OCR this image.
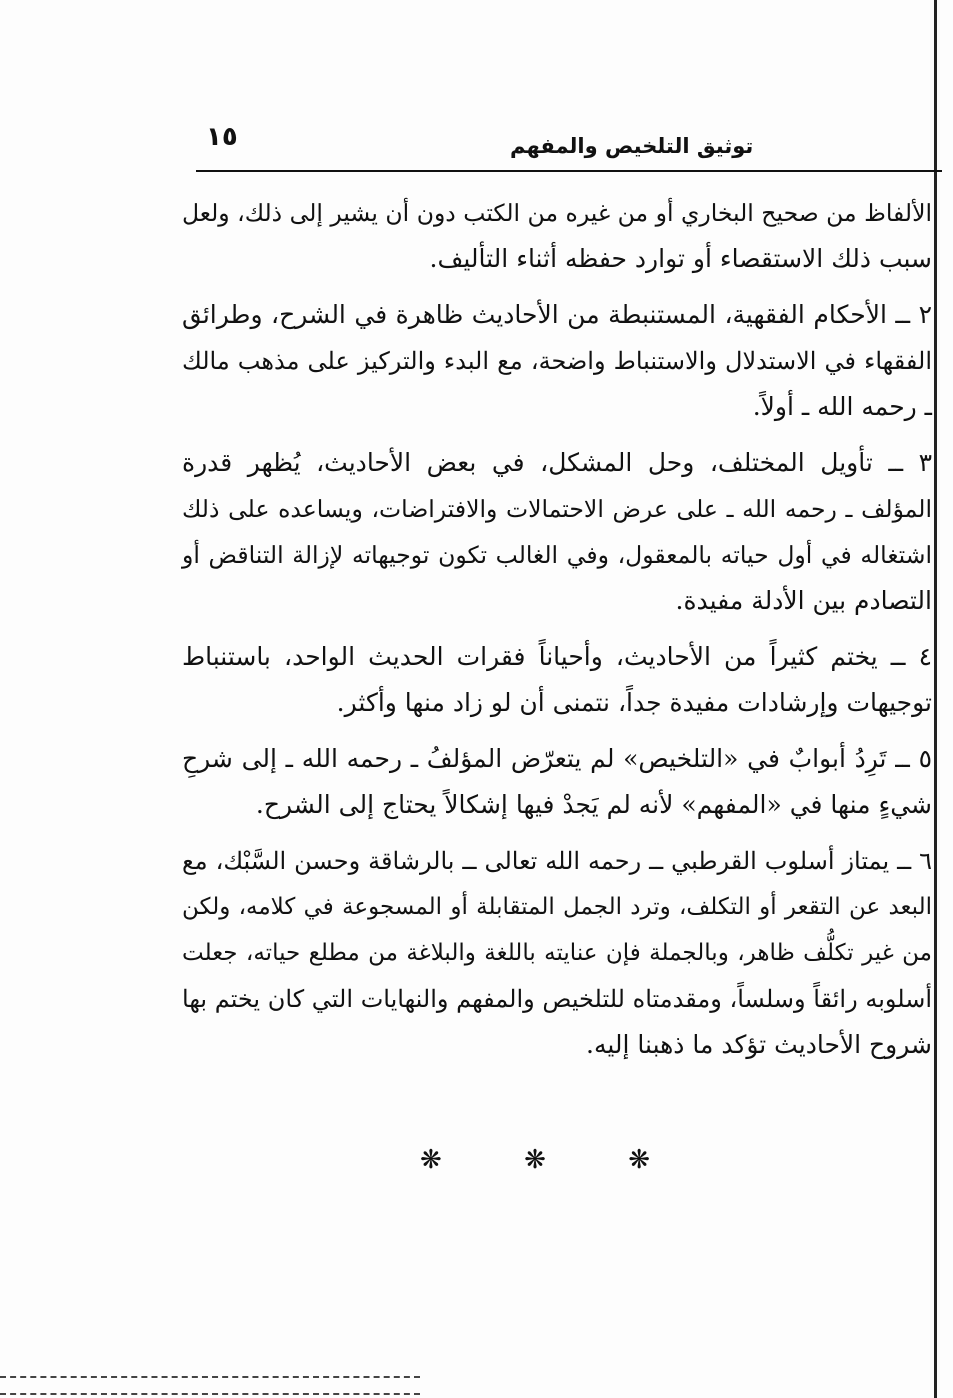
١٥	توثيق التلخيص والمفهم
الألفاظ من صحيح البخاري أو من غيره من الكتب دون أن يشير إلى ذلك، ولعل
سبب ذلك الاستقصاء أو توارد حفظه أثناء التأليف.
٢ ــ الأحكام الفقهية، المستنبطة من الأحاديث ظاهرة في الشرح، وطرائق
الفقهاء في الاستدلال والاستنباط واضحة، مع البدء والتركيز على مذهب مالك
ـ رحمه الله ـ أولاً.
٣ ــ تأويل المختلف، وحل المشكل، في بعض الأحاديث، يُظهر قدرة
المؤلف ـ رحمه الله ـ على عرض الاحتمالات والافتراضات، ويساعده على ذلك
اشتغاله في أول حياته بالمعقول، وفي الغالب تكون توجيهاته لإزالة التناقض أو
التصادم بين الأدلة مفيدة.
٤ ــ يختم كثيراً من الأحاديث، وأحياناً فقرات الحديث الواحد، باستنباط
توجيهات وإرشادات مفيدة جداً، نتمنى أن لو زاد منها وأكثر.
٥ ــ تَرِدُ أبوابٌ في «التلخيص» لم يتعرّض المؤلفُ ـ رحمه الله ـ إلى شرحِ
شيءٍ منها في «المفهم» لأنه لم يَجدْ فيها إشكالاً يحتاج إلى الشرح.
٦ ــ يمتاز أسلوب القرطبي ــ رحمه الله تعالى ــ بالرشاقة وحسن السَّبْك، مع
البعد عن التقعر أو التكلف، وترد الجمل المتقابلة أو المسجوعة في كلامه، ولكن
من غير تكلُّف ظاهر، وبالجملة فإن عنايته باللغة والبلاغة من مطلع حياته، جعلت
أسلوبه رائقاً وسلساً، ومقدمتاه للتلخيص والمفهم والنهايات التي كان يختم بها
شروح الأحاديث تؤكد ما ذهبنا إليه.
❋
❋
❋
